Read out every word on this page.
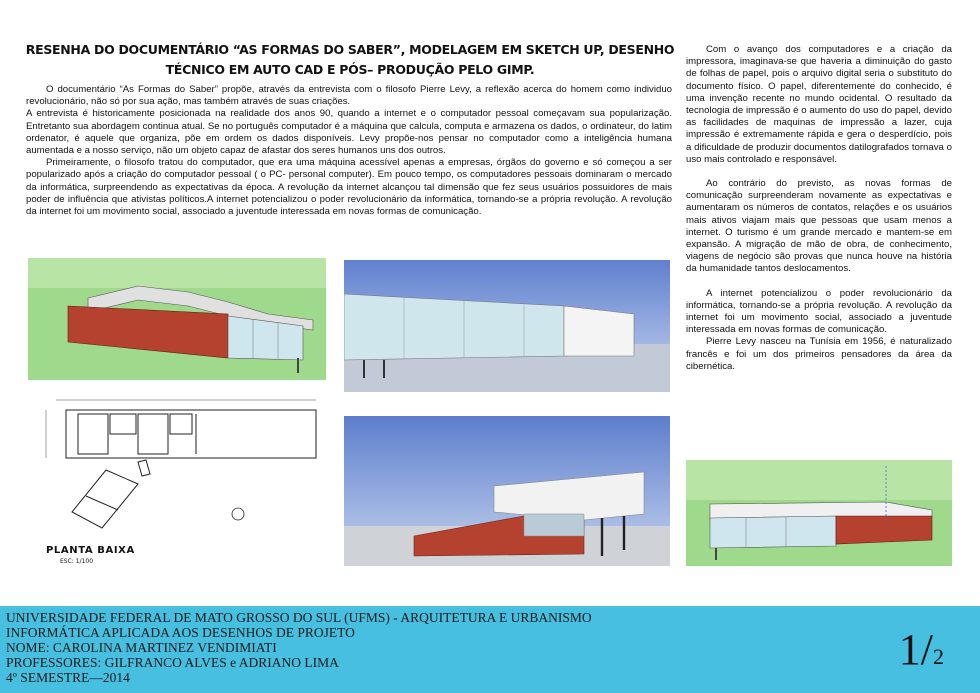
RESENHA DO DOCUMENTÁRIO “AS FORMAS DO SABER”, MODELAGEM EM SKETCH UP, DESENHO
TÉCNICO EM AUTO CAD E PÓS– PRODUÇÃO PELO GIMP.

O documentário “As Formas do Saber” propõe, através da entrevista com o filosofo Pierre Levy, a reflexão acerca do homem como individuo revolucionário, não só por sua ação, mas também através de suas criações.

A entrevista é historicamente posicionada na realidade dos anos 90, quando a internet e o computador pessoal começavam sua popularização. Entretanto sua abordagem continua atual. Se no português computador é a máquina que calcula, computa e armazena os dados, o ordinateur, do latim ordenator, é aquele que organiza, põe em ordem os dados disponíveis. Levy propõe-nos pensar no computador como a inteligência humana aumentada e a nosso serviço, não um objeto capaz de afastar dos seres humanos uns dos outros.

Primeiramente, o filosofo tratou do computador, que era uma máquina acessível apenas a empresas, órgãos do governo e só começou a ser popularizado após a criação do computador pessoal ( o PC- personal computer). Em pouco tempo, os computadores pessoais dominaram o mercado da informática, surpreendendo as expectativas da época. A revolução da internet alcançou tal dimensão que fez seus usuários possuidores de mais poder de influência que ativistas políticos.A internet potencializou o poder revolucionário da informática, tornando-se a própria revolução. A revolução da internet foi um movimento social, associado a juventude interessada em novas formas de comunicação.

Com o avanço dos computadores e a criação da impressora, imaginava-se que haveria a diminuição do gasto de folhas de papel, pois o arquivo digital seria o substituto do documento físico. O papel, diferentemente do conhecido, é uma invenção recente no mundo ocidental. O resultado da tecnologia de impressão é o aumento do uso do papel, devido as facilidades de maquinas de impressão a lazer, cuja impressão é extremamente rápida e gera o desperdício, pois a dificuldade de produzir documentos datilografados tornava o uso mais controlado e responsável.

Ao contrário do previsto, as novas formas de comunicação surpreenderam novamente as expectativas e aumentaram os números de contatos, relações e os usuários mais ativos viajam mais que pessoas que usam menos a internet. O turismo é um grande mercado e mantem-se em expansão. A migração de mão de obra, de conhecimento, viagens de negócio são provas que nunca houve na história da humanidade tantos deslocamentos.

A internet potencializou o poder revolucionário da informática, tornando-se a própria revolução. A revolução da internet foi um movimento social, associado a juventude interessada em novas formas de comunicação.

Pierre Levy nasceu na Tunísia em 1956, é naturalizado francês e foi um dos primeiros pensadores da área da cibernética.

PLANTA BAIXA
ESC: 1/100
UNIVERSIDADE FEDERAL DE MATO GROSSO DO SUL (UFMS) - ARQUITETURA E URBANISMO
INFORMÁTICA APLICADA AOS DESENHOS DE PROJETO
NOME: CAROLINA MARTINEZ VENDIMIATI
PROFESSORES: GILFRANCO ALVES e ADRIANO LIMA
4º SEMESTRE—2014
1/2
